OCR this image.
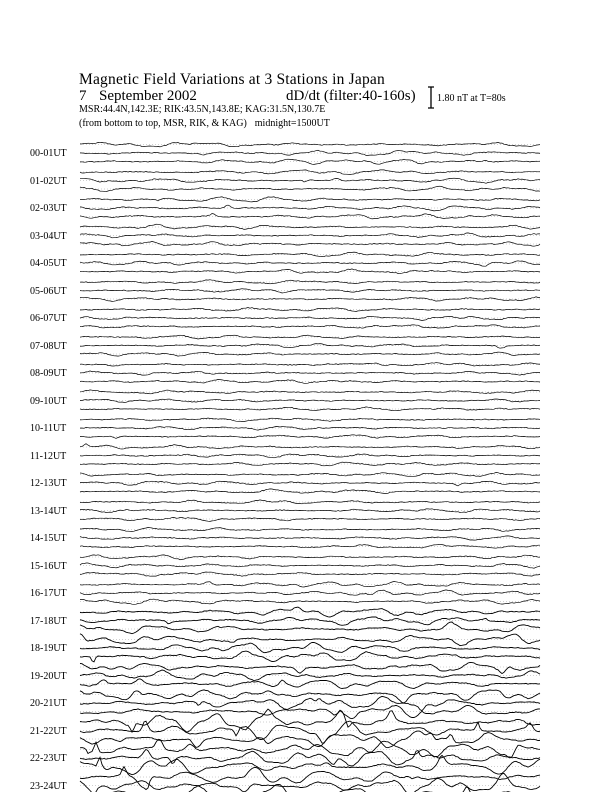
Magnetic Field Variations at 3 Stations in Japan
7 September 2002	dD/dt (filter:40-160s)
MSR:44.4N,142.3E; RIK:43.5N,143.8E; KAG:31.5N,130.7E
(from bottom to top, MSR, RIK, & KAG) midnight=1500UT
1.80 nT at T=80s
00-01UT
01-02UT
02-03UT
03-04UT
04-05UT
05-06UT
06-07UT
07-08UT
08-09UT
09-10UT
10-11UT
11-12UT
12-13UT
13-14UT
14-15UT
15-16UT
16-17UT
17-18UT
18-19UT
19-20UT
20-21UT
21-22UT
22-23UT
23-24UT
